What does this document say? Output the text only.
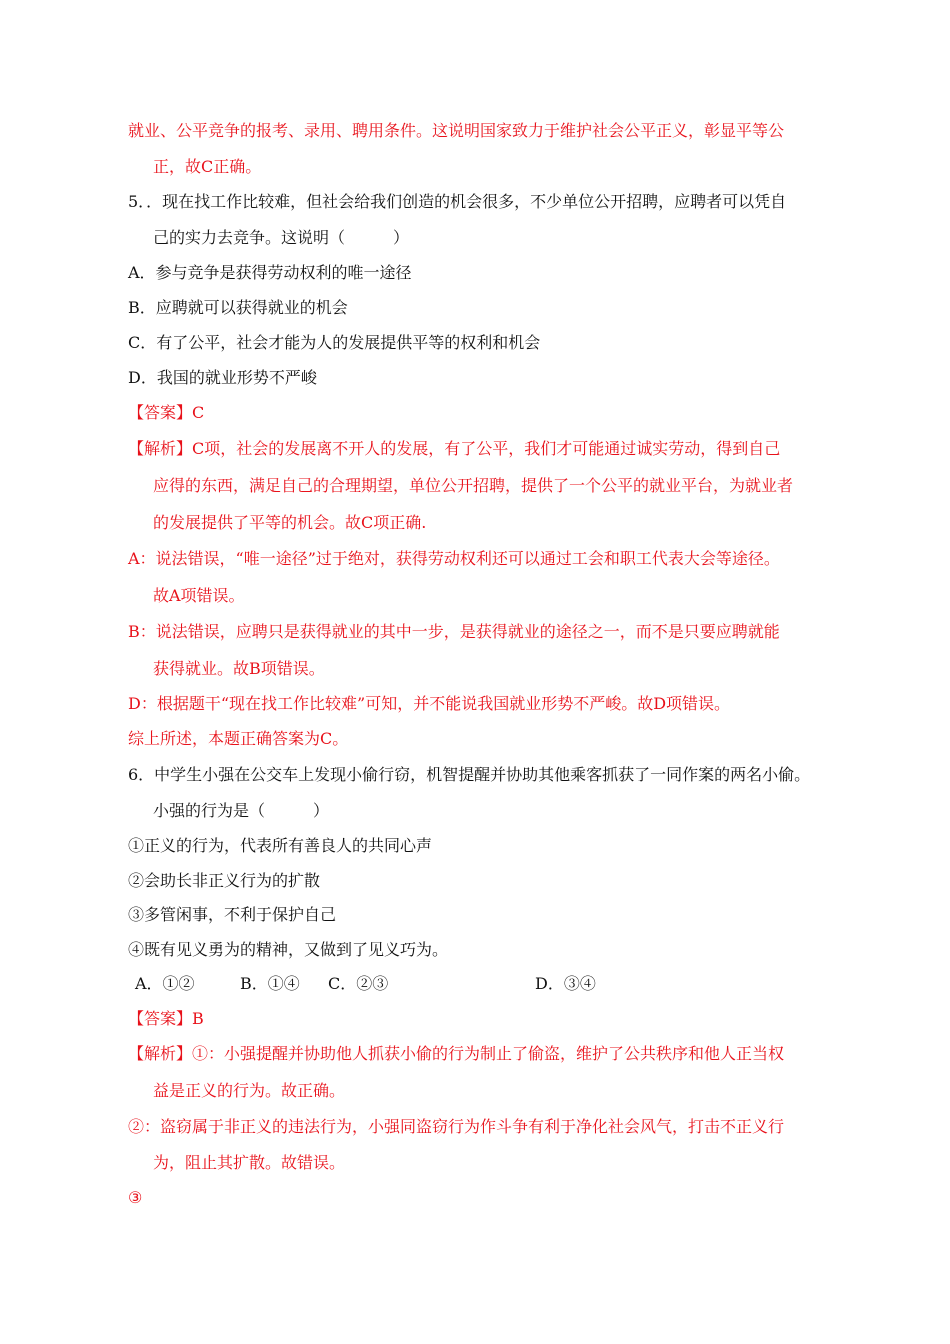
就业、公平竞争的报考、录用、聘用条件。这说明国家致力于维护社会公平正义，彰显平等公
正，故C正确。
5．．现在找工作比较难，但社会给我们创造的机会很多，不少单位公开招聘，应聘者可以凭自
己的实力去竞争。这说明（　　　）
A．参与竞争是获得劳动权利的唯一途径
B．应聘就可以获得就业的机会
C．有了公平，社会才能为人的发展提供平等的权利和机会
D．我国的就业形势不严峻
【答案】C
【解析】C项，社会的发展离不开人的发展，有了公平，我们才可能通过诚实劳动，得到自己
应得的东西，满足自己的合理期望，单位公开招聘，提供了一个公平的就业平台，为就业者
的发展提供了平等的机会。故C项正确.
A：说法错误，“唯一途径”过于绝对，获得劳动权利还可以通过工会和职工代表大会等途径。
故A项错误。
B：说法错误，应聘只是获得就业的其中一步，是获得就业的途径之一，而不是只要应聘就能
获得就业。故B项错误。
D：根据题干“现在找工作比较难”可知，并不能说我国就业形势不严峻。故D项错误。
综上所述，本题正确答案为C。
6．中学生小强在公交车上发现小偷行窃，机智提醒并协助其他乘客抓获了一同作案的两名小偷。
小强的行为是（　　　）
①正义的行为，代表所有善良人的共同心声
②会助长非正义行为的扩散
③多管闲事，不利于保护自己
④既有见义勇为的精神，又做到了见义巧为。
A．①②	B．①④ C．②③	D．③④
【答案】B
【解析】①：小强提醒并协助他人抓获小偷的行为制止了偷盗，维护了公共秩序和他人正当权
益是正义的行为。故正确。
②：盗窃属于非正义的违法行为，小强同盗窃行为作斗争有利于净化社会风气，打击不正义行
为，阻止其扩散。故错误。
③
